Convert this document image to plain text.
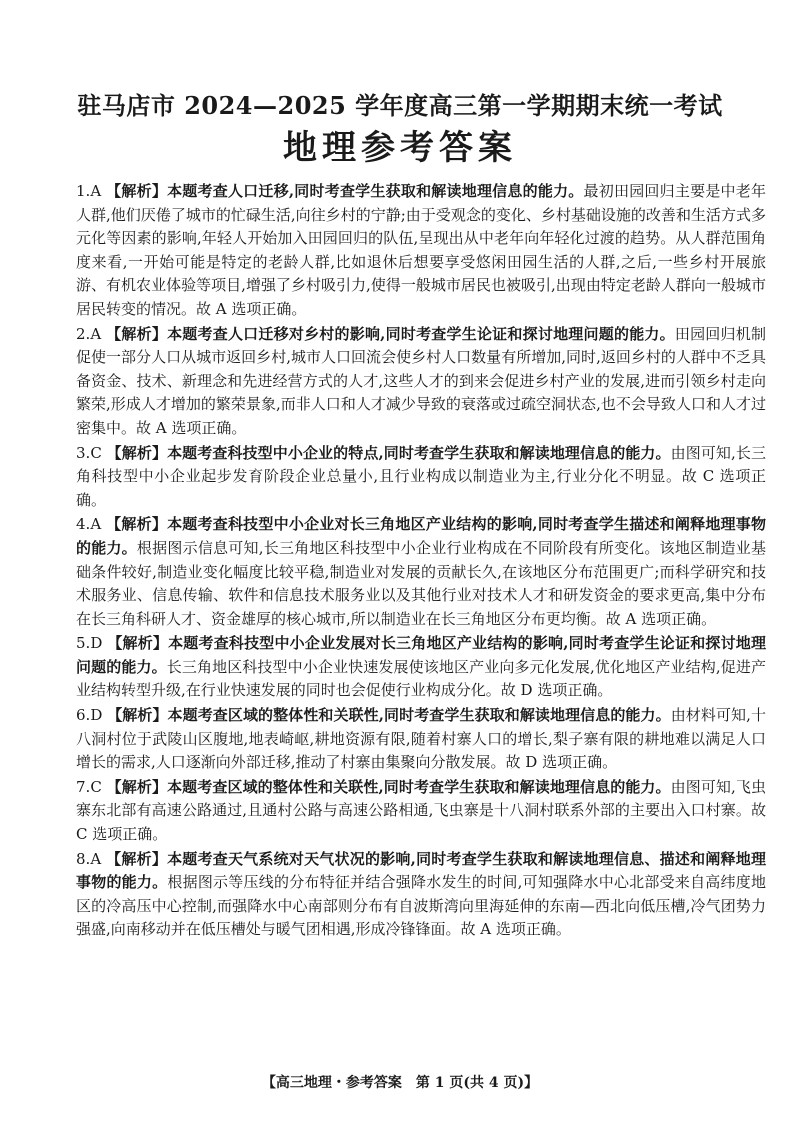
驻马店市 2024—2025 学年度高三第一学期期末统一考试
地理参考答案

1.A 【解析】本题考查人口迁移,同时考查学生获取和解读地理信息的能力。最初田园回归主要是中老年人群,他们厌倦了城市的忙碌生活,向往乡村的宁静;由于受观念的变化、乡村基础设施的改善和生活方式多元化等因素的影响,年轻人开始加入田园回归的队伍,呈现出从中老年向年轻化过渡的趋势。从人群范围角度来看,一开始可能是特定的老龄人群,比如退休后想要享受悠闲田园生活的人群,之后,一些乡村开展旅游、有机农业体验等项目,增强了乡村吸引力,使得一般城市居民也被吸引,出现由特定老龄人群向一般城市居民转变的情况。故 A 选项正确。

2.A 【解析】本题考查人口迁移对乡村的影响,同时考查学生论证和探讨地理问题的能力。田园回归机制促使一部分人口从城市返回乡村,城市人口回流会使乡村人口数量有所增加,同时,返回乡村的人群中不乏具备资金、技术、新理念和先进经营方式的人才,这些人才的到来会促进乡村产业的发展,进而引领乡村走向繁荣,形成人才增加的繁荣景象,而非人口和人才减少导致的衰落或过疏空洞状态,也不会导致人口和人才过密集中。故 A 选项正确。

3.C 【解析】本题考查科技型中小企业的特点,同时考查学生获取和解读地理信息的能力。由图可知,长三角科技型中小企业起步发育阶段企业总量小,且行业构成以制造业为主,行业分化不明显。故 C 选项正确。

4.A 【解析】本题考查科技型中小企业对长三角地区产业结构的影响,同时考查学生描述和阐释地理事物的能力。根据图示信息可知,长三角地区科技型中小企业行业构成在不同阶段有所变化。该地区制造业基础条件较好,制造业变化幅度比较平稳,制造业对发展的贡献长久,在该地区分布范围更广;而科学研究和技术服务业、信息传输、软件和信息技术服务业以及其他行业对技术人才和研发资金的要求更高,集中分布在长三角科研人才、资金雄厚的核心城市,所以制造业在长三角地区分布更均衡。故 A 选项正确。

5.D 【解析】本题考查科技型中小企业发展对长三角地区产业结构的影响,同时考查学生论证和探讨地理问题的能力。长三角地区科技型中小企业快速发展使该地区产业向多元化发展,优化地区产业结构,促进产业结构转型升级,在行业快速发展的同时也会促使行业构成分化。故 D 选项正确。

6.D 【解析】本题考查区域的整体性和关联性,同时考查学生获取和解读地理信息的能力。由材料可知,十八洞村位于武陵山区腹地,地表崎岖,耕地资源有限,随着村寨人口的增长,梨子寨有限的耕地难以满足人口增长的需求,人口逐渐向外部迁移,推动了村寨由集聚向分散发展。故 D 选项正确。

7.C 【解析】本题考查区域的整体性和关联性,同时考查学生获取和解读地理信息的能力。由图可知,飞虫寨东北部有高速公路通过,且通村公路与高速公路相通,飞虫寨是十八洞村联系外部的主要出入口村寨。故 C 选项正确。

8.A 【解析】本题考查天气系统对天气状况的影响,同时考查学生获取和解读地理信息、描述和阐释地理事物的能力。根据图示等压线的分布特征并结合强降水发生的时间,可知强降水中心北部受来自高纬度地区的冷高压中心控制,而强降水中心南部则分布有自波斯湾向里海延伸的东南—西北向低压槽,冷气团势力强盛,向南移动并在低压槽处与暖气团相遇,形成冷锋锋面。故 A 选项正确。

【高三地理・参考答案　第 1 页(共 4 页)】
